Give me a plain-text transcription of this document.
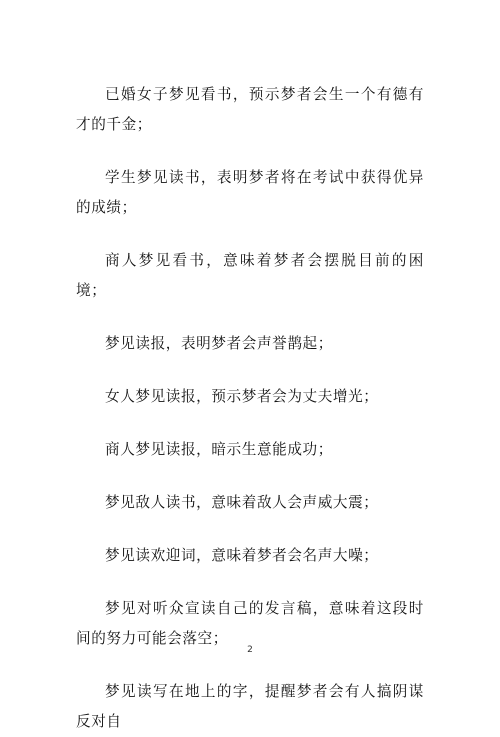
已婚女子梦见看书，预示梦者会生一个有德有才的千金；

学生梦见读书，表明梦者将在考试中获得优异的成绩；

商人梦见看书，意味着梦者会摆脱目前的困境；

梦见读报，表明梦者会声誉鹊起；

女人梦见读报，预示梦者会为丈夫增光；

商人梦见读报，暗示生意能成功；

梦见敌人读书，意味着敌人会声威大震；

梦见读欢迎词，意味着梦者会名声大噪；

梦见对听众宣读自己的发言稿，意味着这段时间的努力可能会落空；

梦见读写在地上的字，提醒梦者会有人搞阴谋反对自

2
